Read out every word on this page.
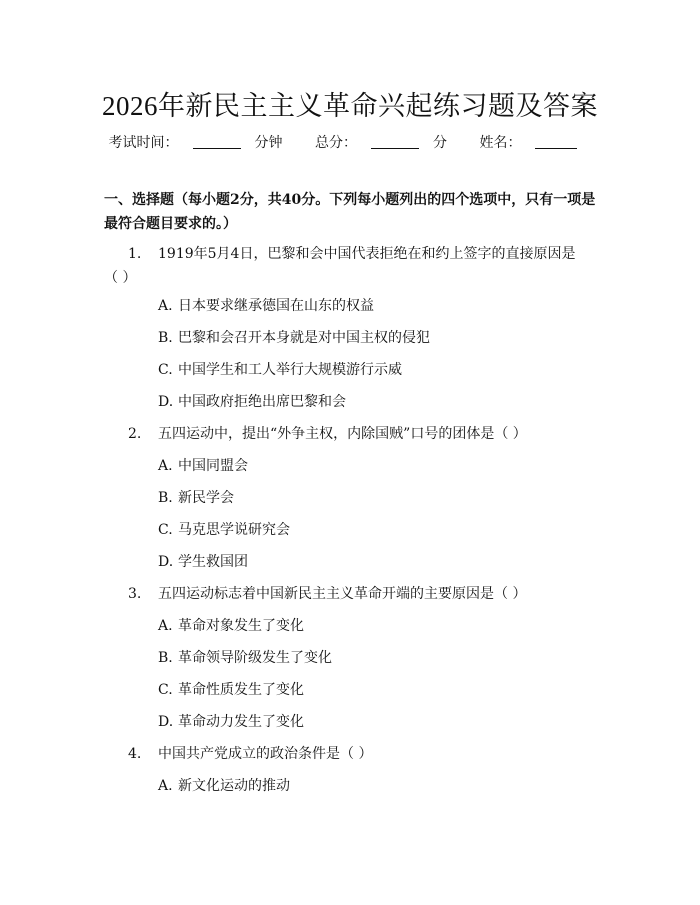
2026年新民主主义革命兴起练习题及答案
考试时间：	分钟 总分：	分 姓名：
一、选择题（每小题2分，共40分。下列每小题列出的四个选项中，只有一项是最符合题目要求的。）
1.	1919年5月4日，巴黎和会中国代表拒绝在和约上签字的直接原因是
（ ）
A. 日本要求继承德国在山东的权益
B. 巴黎和会召开本身就是对中国主权的侵犯
C. 中国学生和工人举行大规模游行示威
D. 中国政府拒绝出席巴黎和会
2.	五四运动中，提出“外争主权，内除国贼”口号的团体是（ ）
A. 中国同盟会
B. 新民学会
C. 马克思学说研究会
D. 学生救国团
3.	五四运动标志着中国新民主主义革命开端的主要原因是（ ）
A. 革命对象发生了变化
B. 革命领导阶级发生了变化
C. 革命性质发生了变化
D. 革命动力发生了变化
4.	中国共产党成立的政治条件是（ ）
A. 新文化运动的推动
